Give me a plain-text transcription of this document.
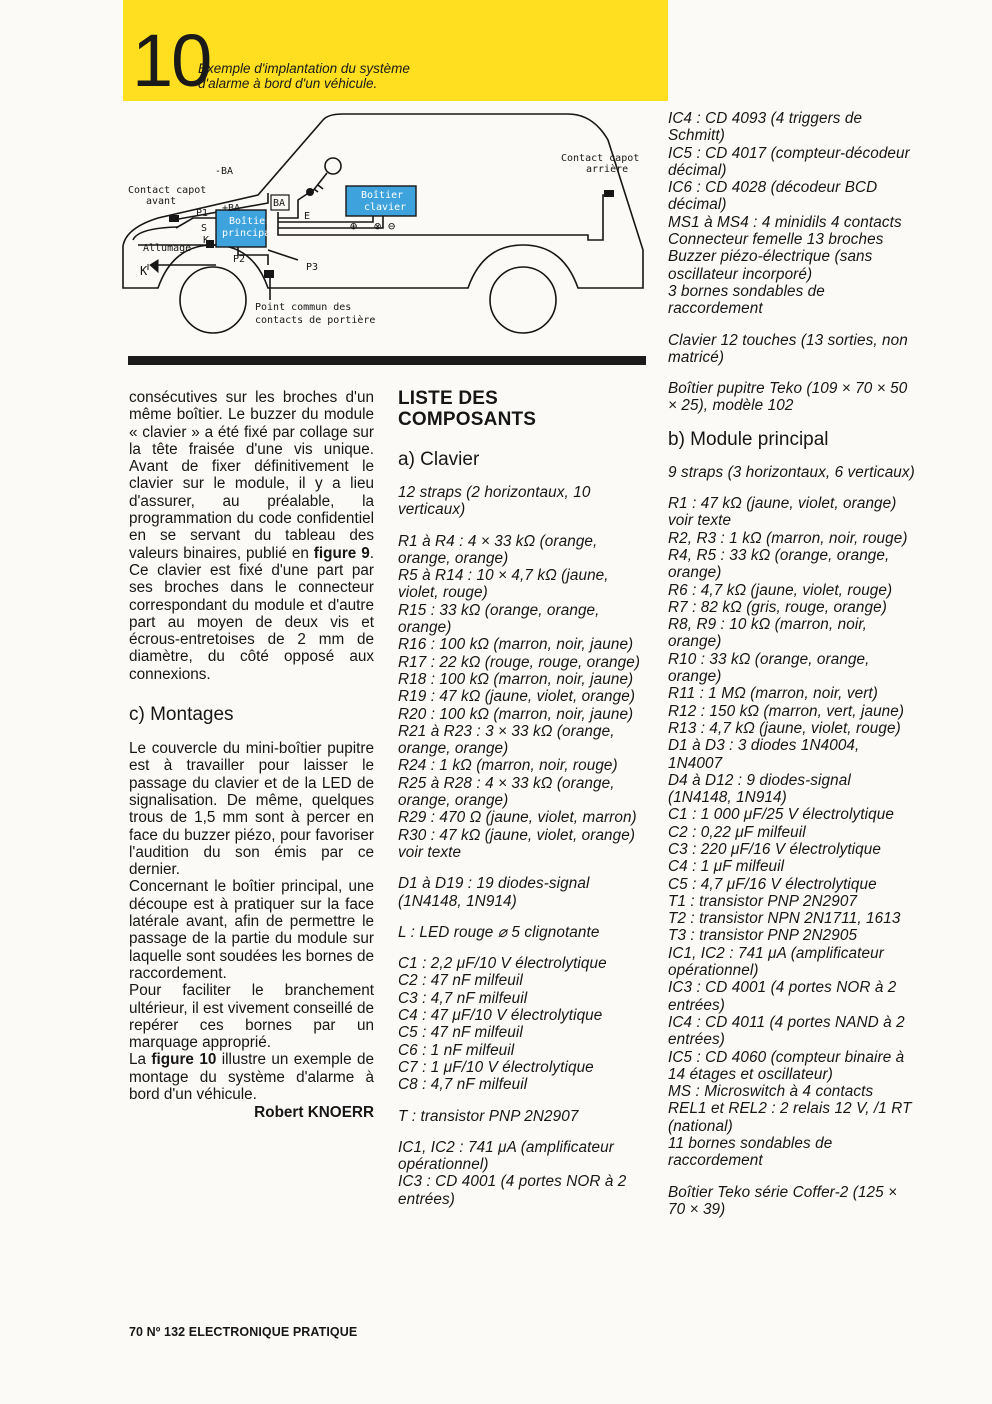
10
Exemple d'implantation du système
d'alarme à bord d'un véhicule.
Contact capot
avant
Contact capot
arrière
-BA
+BA	BA
P1
P2
P3
S
K
E
K
Allumage
Boîtier
principal
Boîtier
clavier
⊕ ⊗ ⊖
Point commun des
contacts de portière

consécutives sur les broches d'un même boîtier. Le buzzer du module « clavier » a été fixé par collage sur la tête fraisée d'une vis unique. Avant de fixer définitivement le clavier sur le module, il y a lieu d'assurer, au préalable, la programmation du code confidentiel en se servant du tableau des valeurs binaires, publié en figure 9. Ce clavier est fixé d'une part par ses broches dans le connecteur correspondant du module et d'autre part au moyen de deux vis et écrous-entretoises de 2 mm de diamètre, du côté opposé aux connexions.

c) Montages

Le couvercle du mini-boîtier pupitre est à travailler pour laisser le passage du clavier et de la LED de signalisation. De même, quelques trous de 1,5 mm sont à percer en face du buzzer piézo, pour favoriser l'audition du son émis par ce dernier.

Concernant le boîtier principal, une découpe est à pratiquer sur la face latérale avant, afin de permettre le passage de la partie du module sur laquelle sont soudées les bornes de raccordement.

Pour faciliter le branchement ultérieur, il est vivement conseillé de repérer ces bornes par un marquage approprié.

La figure 10 illustre un exemple de montage du système d'alarme à bord d'un véhicule.

Robert KNOERR
LISTE DES
COMPOSANTS
a) Clavier
12 straps (2 horizontaux, 10 verticaux)
R1 à R4 : 4 × 33 kΩ (orange, orange, orange)
R5 à R14 : 10 × 4,7 kΩ (jaune, violet, rouge)
R15 : 33 kΩ (orange, orange, orange)
R16 : 100 kΩ (marron, noir, jaune)
R17 : 22 kΩ (rouge, rouge, orange)
R18 : 100 kΩ (marron, noir, jaune)
R19 : 47 kΩ (jaune, violet, orange)
R20 : 100 kΩ (marron, noir, jaune)
R21 à R23 : 3 × 33 kΩ (orange, orange, orange)
R24 : 1 kΩ (marron, noir, rouge)
R25 à R28 : 4 × 33 kΩ (orange, orange, orange)
R29 : 470 Ω (jaune, violet, marron)
R30 : 47 kΩ (jaune, violet, orange) voir texte
D1 à D19 : 19 diodes-signal (1N4148, 1N914)
L : LED rouge ⌀ 5 clignotante
C1 : 2,2 μF/10 V électrolytique
C2 : 47 nF milfeuil
C3 : 4,7 nF milfeuil
C4 : 47 μF/10 V électrolytique
C5 : 47 nF milfeuil
C6 : 1 nF milfeuil
C7 : 1 μF/10 V électrolytique
C8 : 4,7 nF milfeuil
T : transistor PNP 2N2907
IC1, IC2 : 741 μA (amplificateur opérationnel)
IC3 : CD 4001 (4 portes NOR à 2 entrées)
IC4 : CD 4093 (4 triggers de Schmitt)
IC5 : CD 4017 (compteur-décodeur décimal)
IC6 : CD 4028 (décodeur BCD décimal)
MS1 à MS4 : 4 minidils 4 contacts
Connecteur femelle 13 broches
Buzzer piézo-électrique (sans oscillateur incorporé)
3 bornes sondables de raccordement
Clavier 12 touches (13 sorties, non matricé)
Boîtier pupitre Teko (109 × 70 × 50 × 25), modèle 102
b) Module principal
9 straps (3 horizontaux, 6 verticaux)
R1 : 47 kΩ (jaune, violet, orange) voir texte
R2, R3 : 1 kΩ (marron, noir, rouge)
R4, R5 : 33 kΩ (orange, orange, orange)
R6 : 4,7 kΩ (jaune, violet, rouge)
R7 : 82 kΩ (gris, rouge, orange)
R8, R9 : 10 kΩ (marron, noir, orange)
R10 : 33 kΩ (orange, orange, orange)
R11 : 1 MΩ (marron, noir, vert)
R12 : 150 kΩ (marron, vert, jaune)
R13 : 4,7 kΩ (jaune, violet, rouge)
D1 à D3 : 3 diodes 1N4004, 1N4007
D4 à D12 : 9 diodes-signal (1N4148, 1N914)
C1 : 1 000 μF/25 V électrolytique
C2 : 0,22 μF milfeuil
C3 : 220 μF/16 V électrolytique
C4 : 1 μF milfeuil
C5 : 4,7 μF/16 V électrolytique
T1 : transistor PNP 2N2907
T2 : transistor NPN 2N1711, 1613
T3 : transistor PNP 2N2905
IC1, IC2 : 741 μA (amplificateur opérationnel)
IC3 : CD 4001 (4 portes NOR à 2 entrées)
IC4 : CD 4011 (4 portes NAND à 2 entrées)
IC5 : CD 4060 (compteur binaire à 14 étages et oscillateur)
MS : Microswitch à 4 contacts
REL1 et REL2 : 2 relais 12 V, /1 RT (national)
11 bornes sondables de raccordement
Boîtier Teko série Coffer-2 (125 × 70 × 39)
70 Nº 132 ELECTRONIQUE PRATIQUE
